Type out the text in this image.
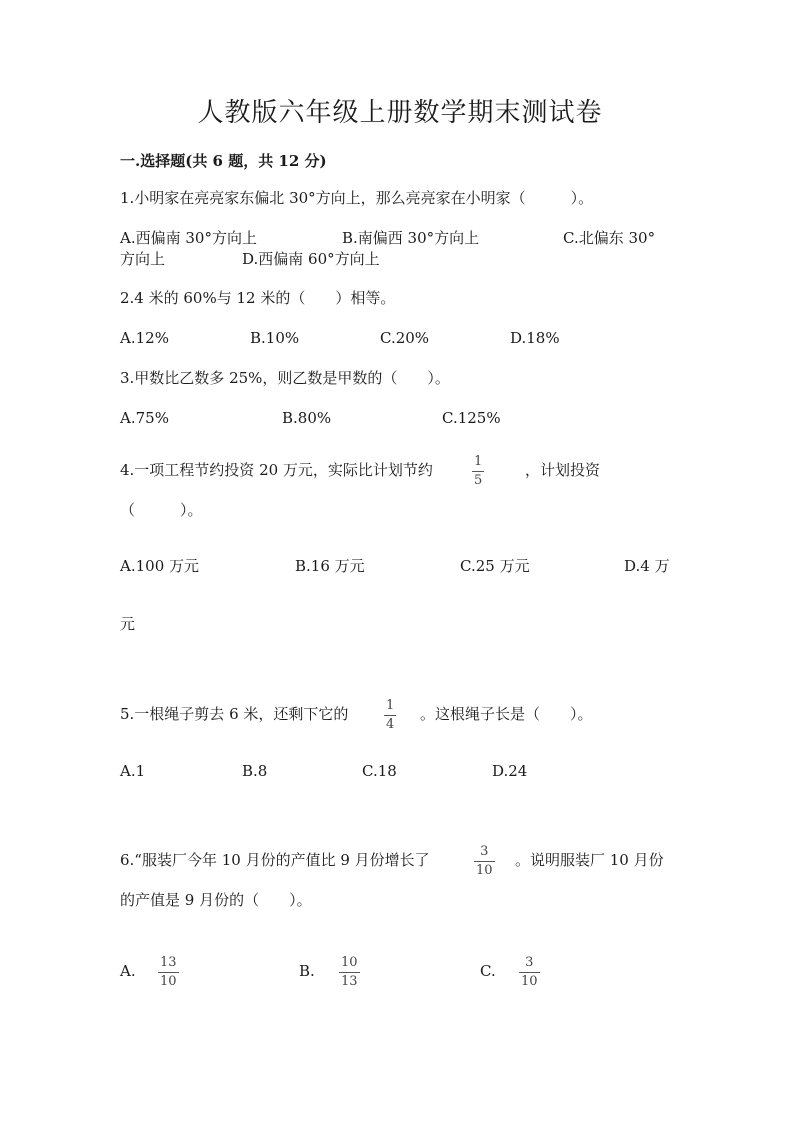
人教版六年级上册数学期末测试卷
一.选择题(共 6 题，共 12 分)
1.小明家在亮亮家东偏北 30°方向上，那么亮亮家在小明家（　　　）。
A.西偏南 30°方向上	B.南偏西 30°方向上	C.北偏东 30°
方向上	D.西偏南 60°方向上
2.4 米的 60%与 12 米的（　　）相等。
A.12%	B.10%	C.20%	D.18%
3.甲数比乙数多 25%，则乙数是甲数的（　　）。
A.75%	B.80%	C.125%
4.一项工程节约投资 20 万元，实际比计划节约	1
5
，计划投资
（　　　）。
A.100 万元	B.16 万元	C.25 万元	D.4 万
元
5.一根绳子剪去 6 米，还剩下它的	1
4
。这根绳子长是（　　）。
A.1	B.8	C.18	D.24
6.“服装厂今年 10 月份的产值比 9 月份增长了	3
10
。说明服装厂 10 月份
的产值是 9 月份的（　　）。
A. 13
10
B. 10
13
C. 3
10
